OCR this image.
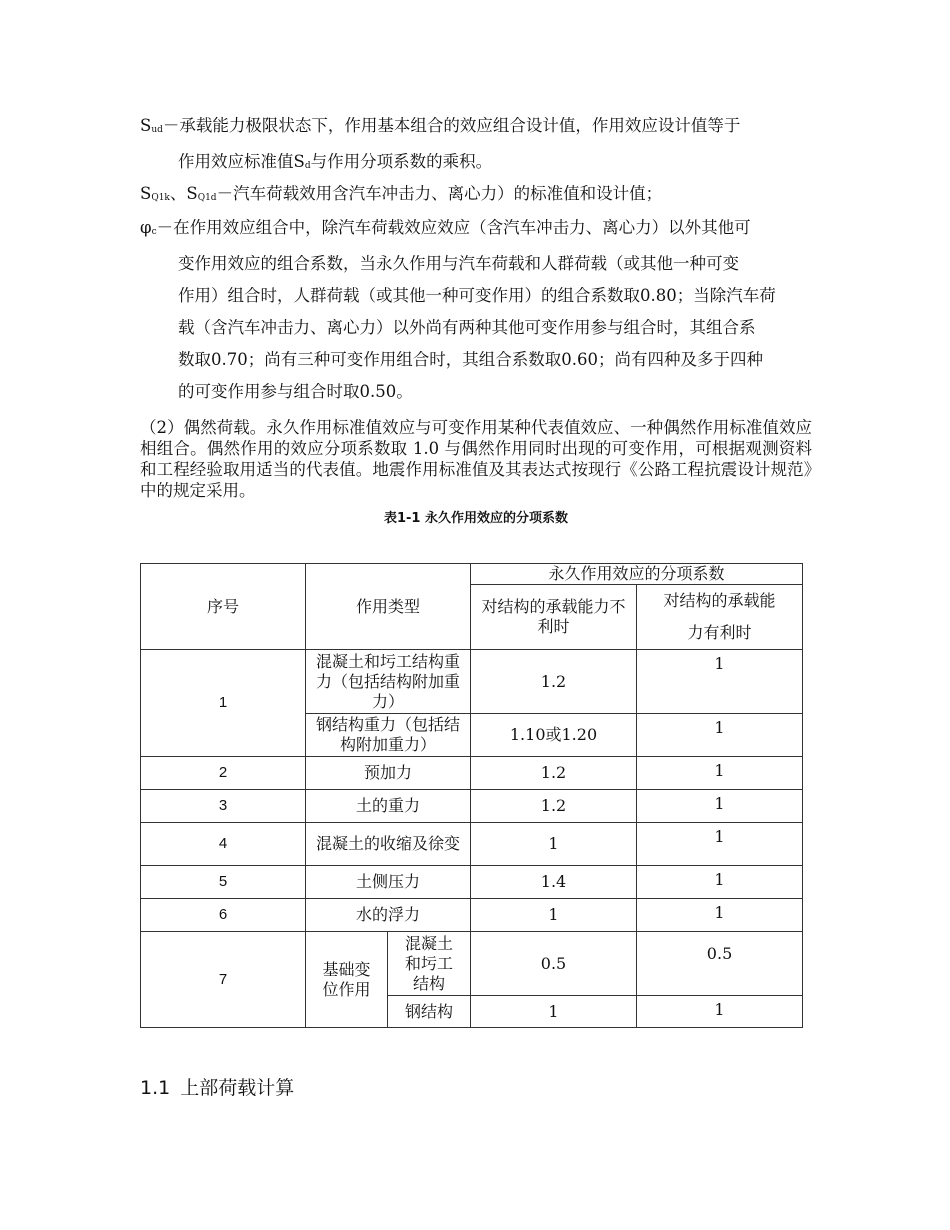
Sud－承载能力极限状态下，作用基本组合的效应组合设计值，作用效应设计值等于
作用效应标准值Sd与作用分项系数的乘积。
SQ1k、SQ1d－汽车荷载效用含汽车冲击力、离心力）的标准值和设计值；
φc－在作用效应组合中，除汽车荷载效应效应（含汽车冲击力、离心力）以外其他可
变作用效应的组合系数，当永久作用与汽车荷载和人群荷载（或其他一种可变
作用）组合时，人群荷载（或其他一种可变作用）的组合系数取0.80；当除汽车荷
载（含汽车冲击力、离心力）以外尚有两种其他可变作用参与组合时，其组合系
数取0.70；尚有三种可变作用组合时，其组合系数取0.60；尚有四种及多于四种
的可变作用参与组合时取0.50。
（2）偶然荷载。永久作用标准值效应与可变作用某种代表值效应、一种偶然作用标准值效应相组合。偶然作用的效应分项系数取 1.0 与偶然作用同时出现的可变作用，可根据观测资料和工程经验取用适当的代表值。地震作用标准值及其表达式按现行《公路工程抗震设计规范》中的规定采用。
表1-1 永久作用效应的分项系数
序号	作用类型		永久作用效应的分项系数	
			对结构的承载能力不利时	对结构的承载能
力有利时
1	混凝土和圬工结构重力（包括结构附加重力）		1.2	1
	钢结构重力（包括结构附加重力）		1.10或1.20	1
2	预加力		1.2	1
3	土的重力		1.2	1
4	混凝土的收缩及徐变		1	1
5	土侧压力		1.4	1
6	水的浮力		1	1
7	基础变位作用	混凝土和圬工结构	0.5	0.5
		钢结构	1	1
1.1 上部荷载计算
